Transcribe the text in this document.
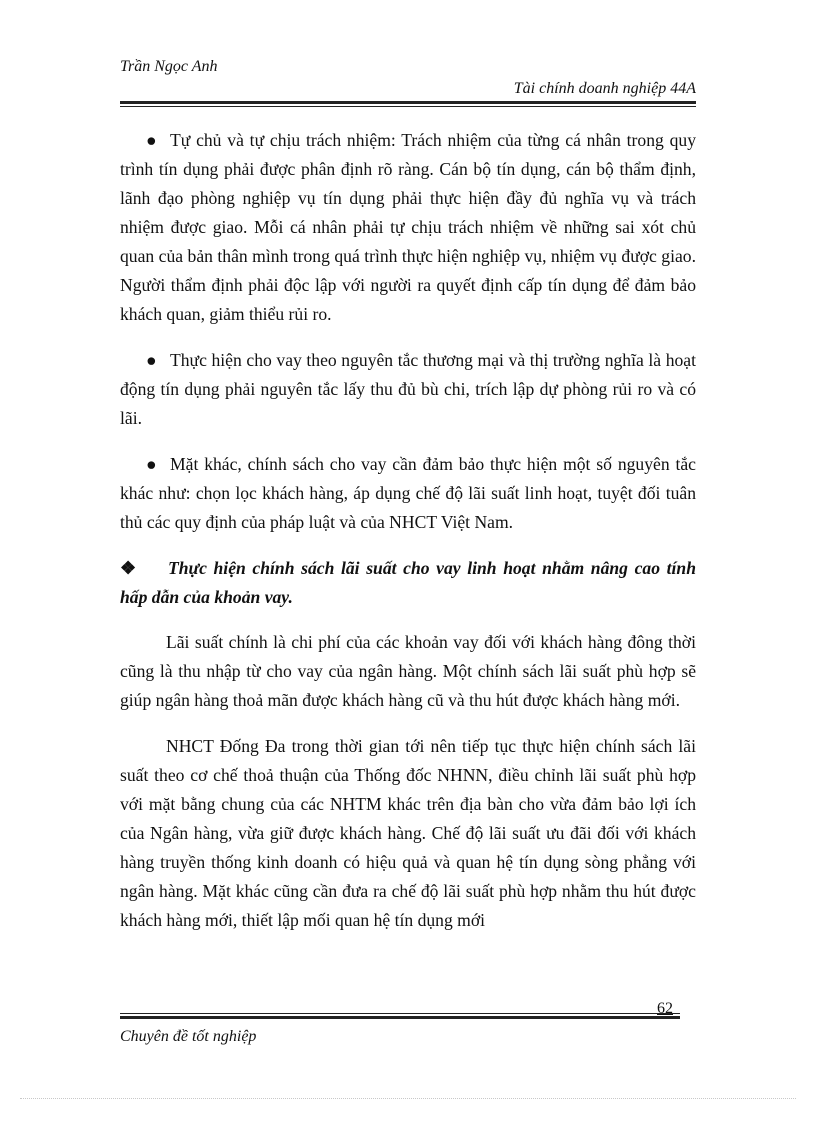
Trần Ngọc Anh
Tài chính doanh nghiệp 44A

● Tự chủ và tự chịu trách nhiệm: Trách nhiệm của từng cá nhân trong quy trình tín dụng phải được phân định rõ ràng. Cán bộ tín dụng, cán bộ thẩm định, lãnh đạo phòng nghiệp vụ tín dụng phải thực hiện đầy đủ nghĩa vụ và trách nhiệm được giao. Mỗi cá nhân phải tự chịu trách nhiệm về những sai xót chủ quan của bản thân mình trong quá trình thực hiện nghiệp vụ, nhiệm vụ được giao. Người thẩm định phải độc lập với người ra quyết định cấp tín dụng để đảm bảo khách quan, giảm thiểu rủi ro.

● Thực hiện cho vay theo nguyên tắc thương mại và thị trường nghĩa là hoạt động tín dụng phải nguyên tắc lấy thu đủ bù chi, trích lập dự phòng rủi ro và có lãi.

● Mặt khác, chính sách cho vay cần đảm bảo thực hiện một số nguyên tắc khác như: chọn lọc khách hàng, áp dụng chế độ lãi suất linh hoạt, tuyệt đối tuân thủ các quy định của pháp luật và của NHCT Việt Nam.

❖ Thực hiện chính sách lãi suất cho vay linh hoạt nhằm nâng cao tính hấp dẫn của khoản vay.

Lãi suất chính là chi phí của các khoản vay đối với khách hàng đông thời cũng là thu nhập từ cho vay của ngân hàng. Một chính sách lãi suất phù hợp sẽ giúp ngân hàng thoả mãn được khách hàng cũ và thu hút được khách hàng mới.

NHCT Đống Đa trong thời gian tới nên tiếp tục thực hiện chính sách lãi suất theo cơ chế thoả thuận của Thống đốc NHNN, điều chỉnh lãi suất phù hợp với mặt bằng chung của các NHTM khác trên địa bàn cho vừa đảm bảo lợi ích của Ngân hàng, vừa giữ được khách hàng. Chế độ lãi suất ưu đãi đối với khách hàng truyền thống kinh doanh có hiệu quả và quan hệ tín dụng sòng phẳng với ngân hàng. Mặt khác cũng cần đưa ra chế độ lãi suất phù hợp nhằm thu hút được khách hàng mới, thiết lập mối quan hệ tín dụng mới

62
Chuyên đề tốt nghiệp
